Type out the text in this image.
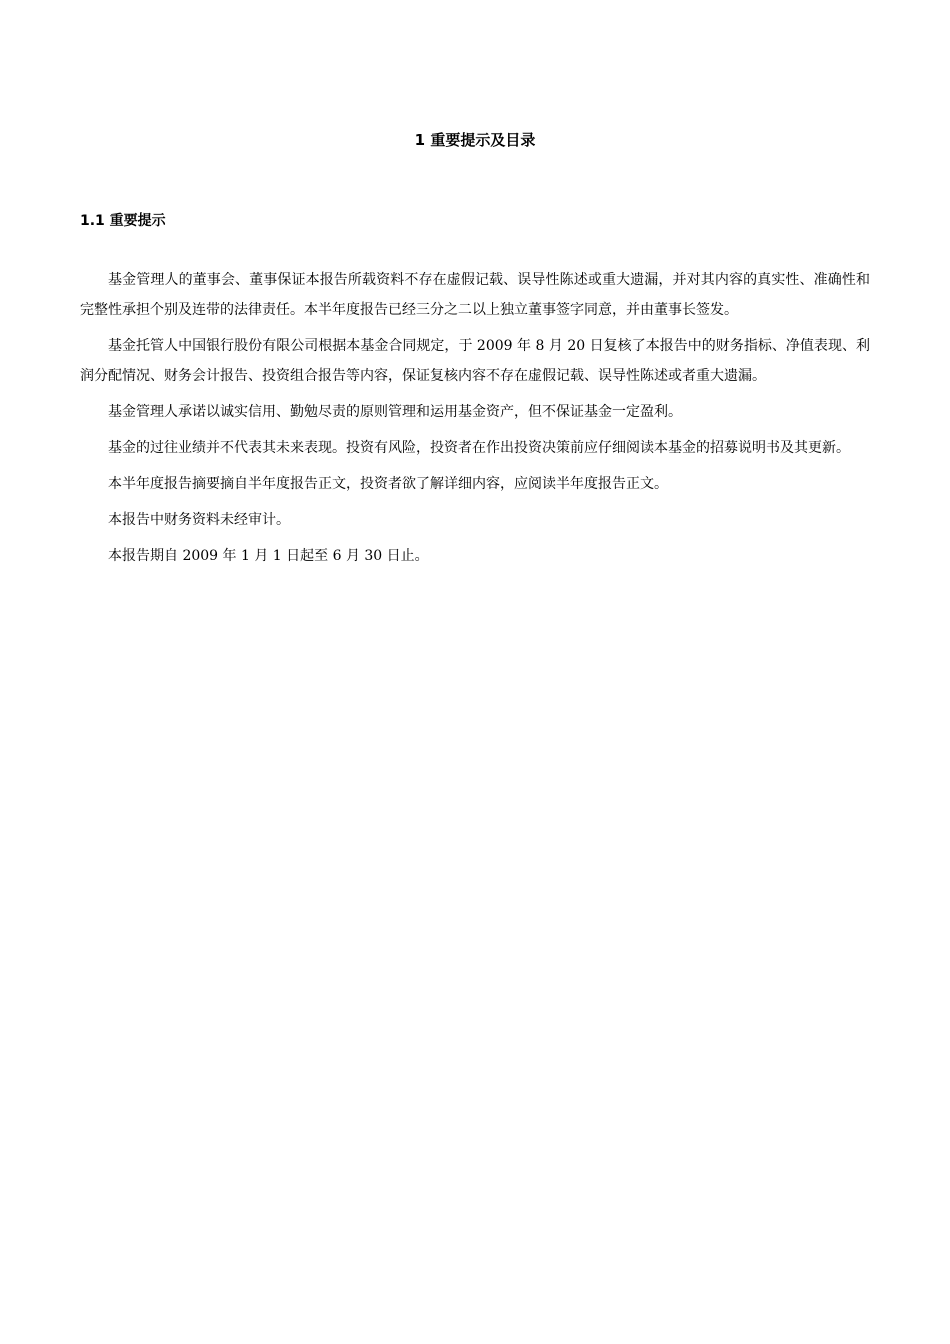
1 重要提示及目录
1.1 重要提示

基金管理人的董事会、董事保证本报告所载资料不存在虚假记载、误导性陈述或重大遗漏，并对其内容的真实性、准确性和完整性承担个别及连带的法律责任。本半年度报告已经三分之二以上独立董事签字同意，并由董事长签发。

基金托管人中国银行股份有限公司根据本基金合同规定，于 2009 年 8 月 20 日复核了本报告中的财务指标、净值表现、利润分配情况、财务会计报告、投资组合报告等内容，保证复核内容不存在虚假记载、误导性陈述或者重大遗漏。

基金管理人承诺以诚实信用、勤勉尽责的原则管理和运用基金资产，但不保证基金一定盈利。

基金的过往业绩并不代表其未来表现。投资有风险，投资者在作出投资决策前应仔细阅读本基金的招募说明书及其更新。

本半年度报告摘要摘自半年度报告正文，投资者欲了解详细内容，应阅读半年度报告正文。

本报告中财务资料未经审计。

本报告期自 2009 年 1 月 1 日起至 6 月 30 日止。
